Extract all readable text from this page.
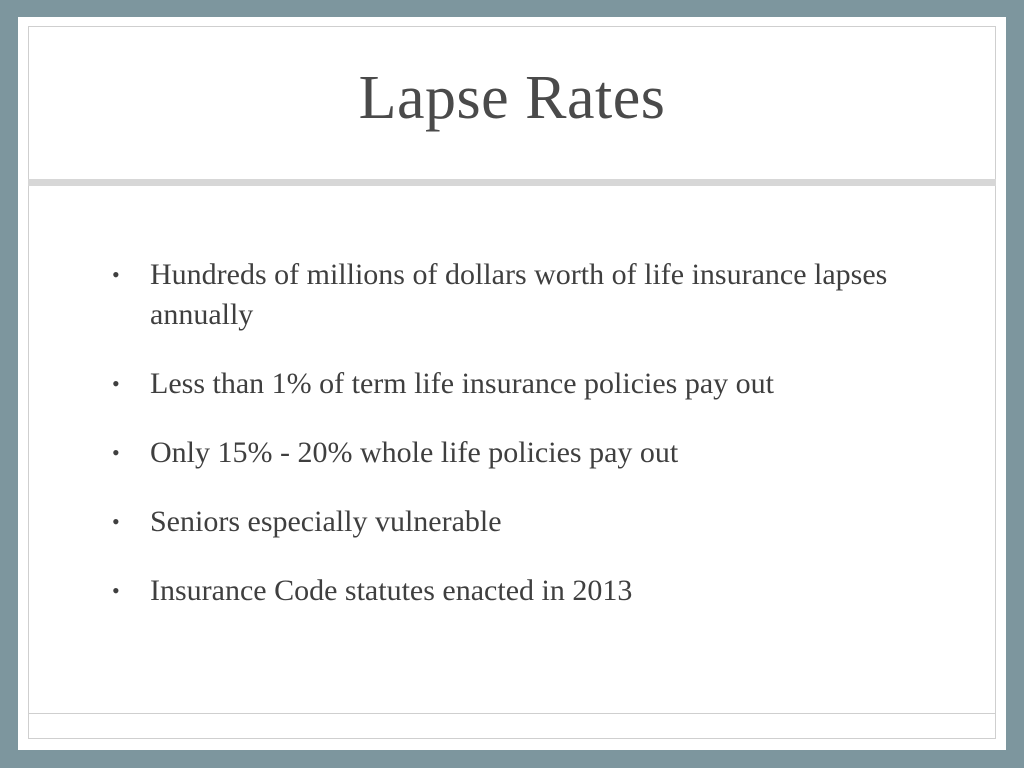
Lapse Rates
•	Hundreds of millions of dollars worth of life insurance lapses annually
•	Less than 1% of term life insurance policies pay out
•	Only 15% - 20% whole life policies pay out
•	Seniors especially vulnerable
•	Insurance Code statutes enacted in 2013
